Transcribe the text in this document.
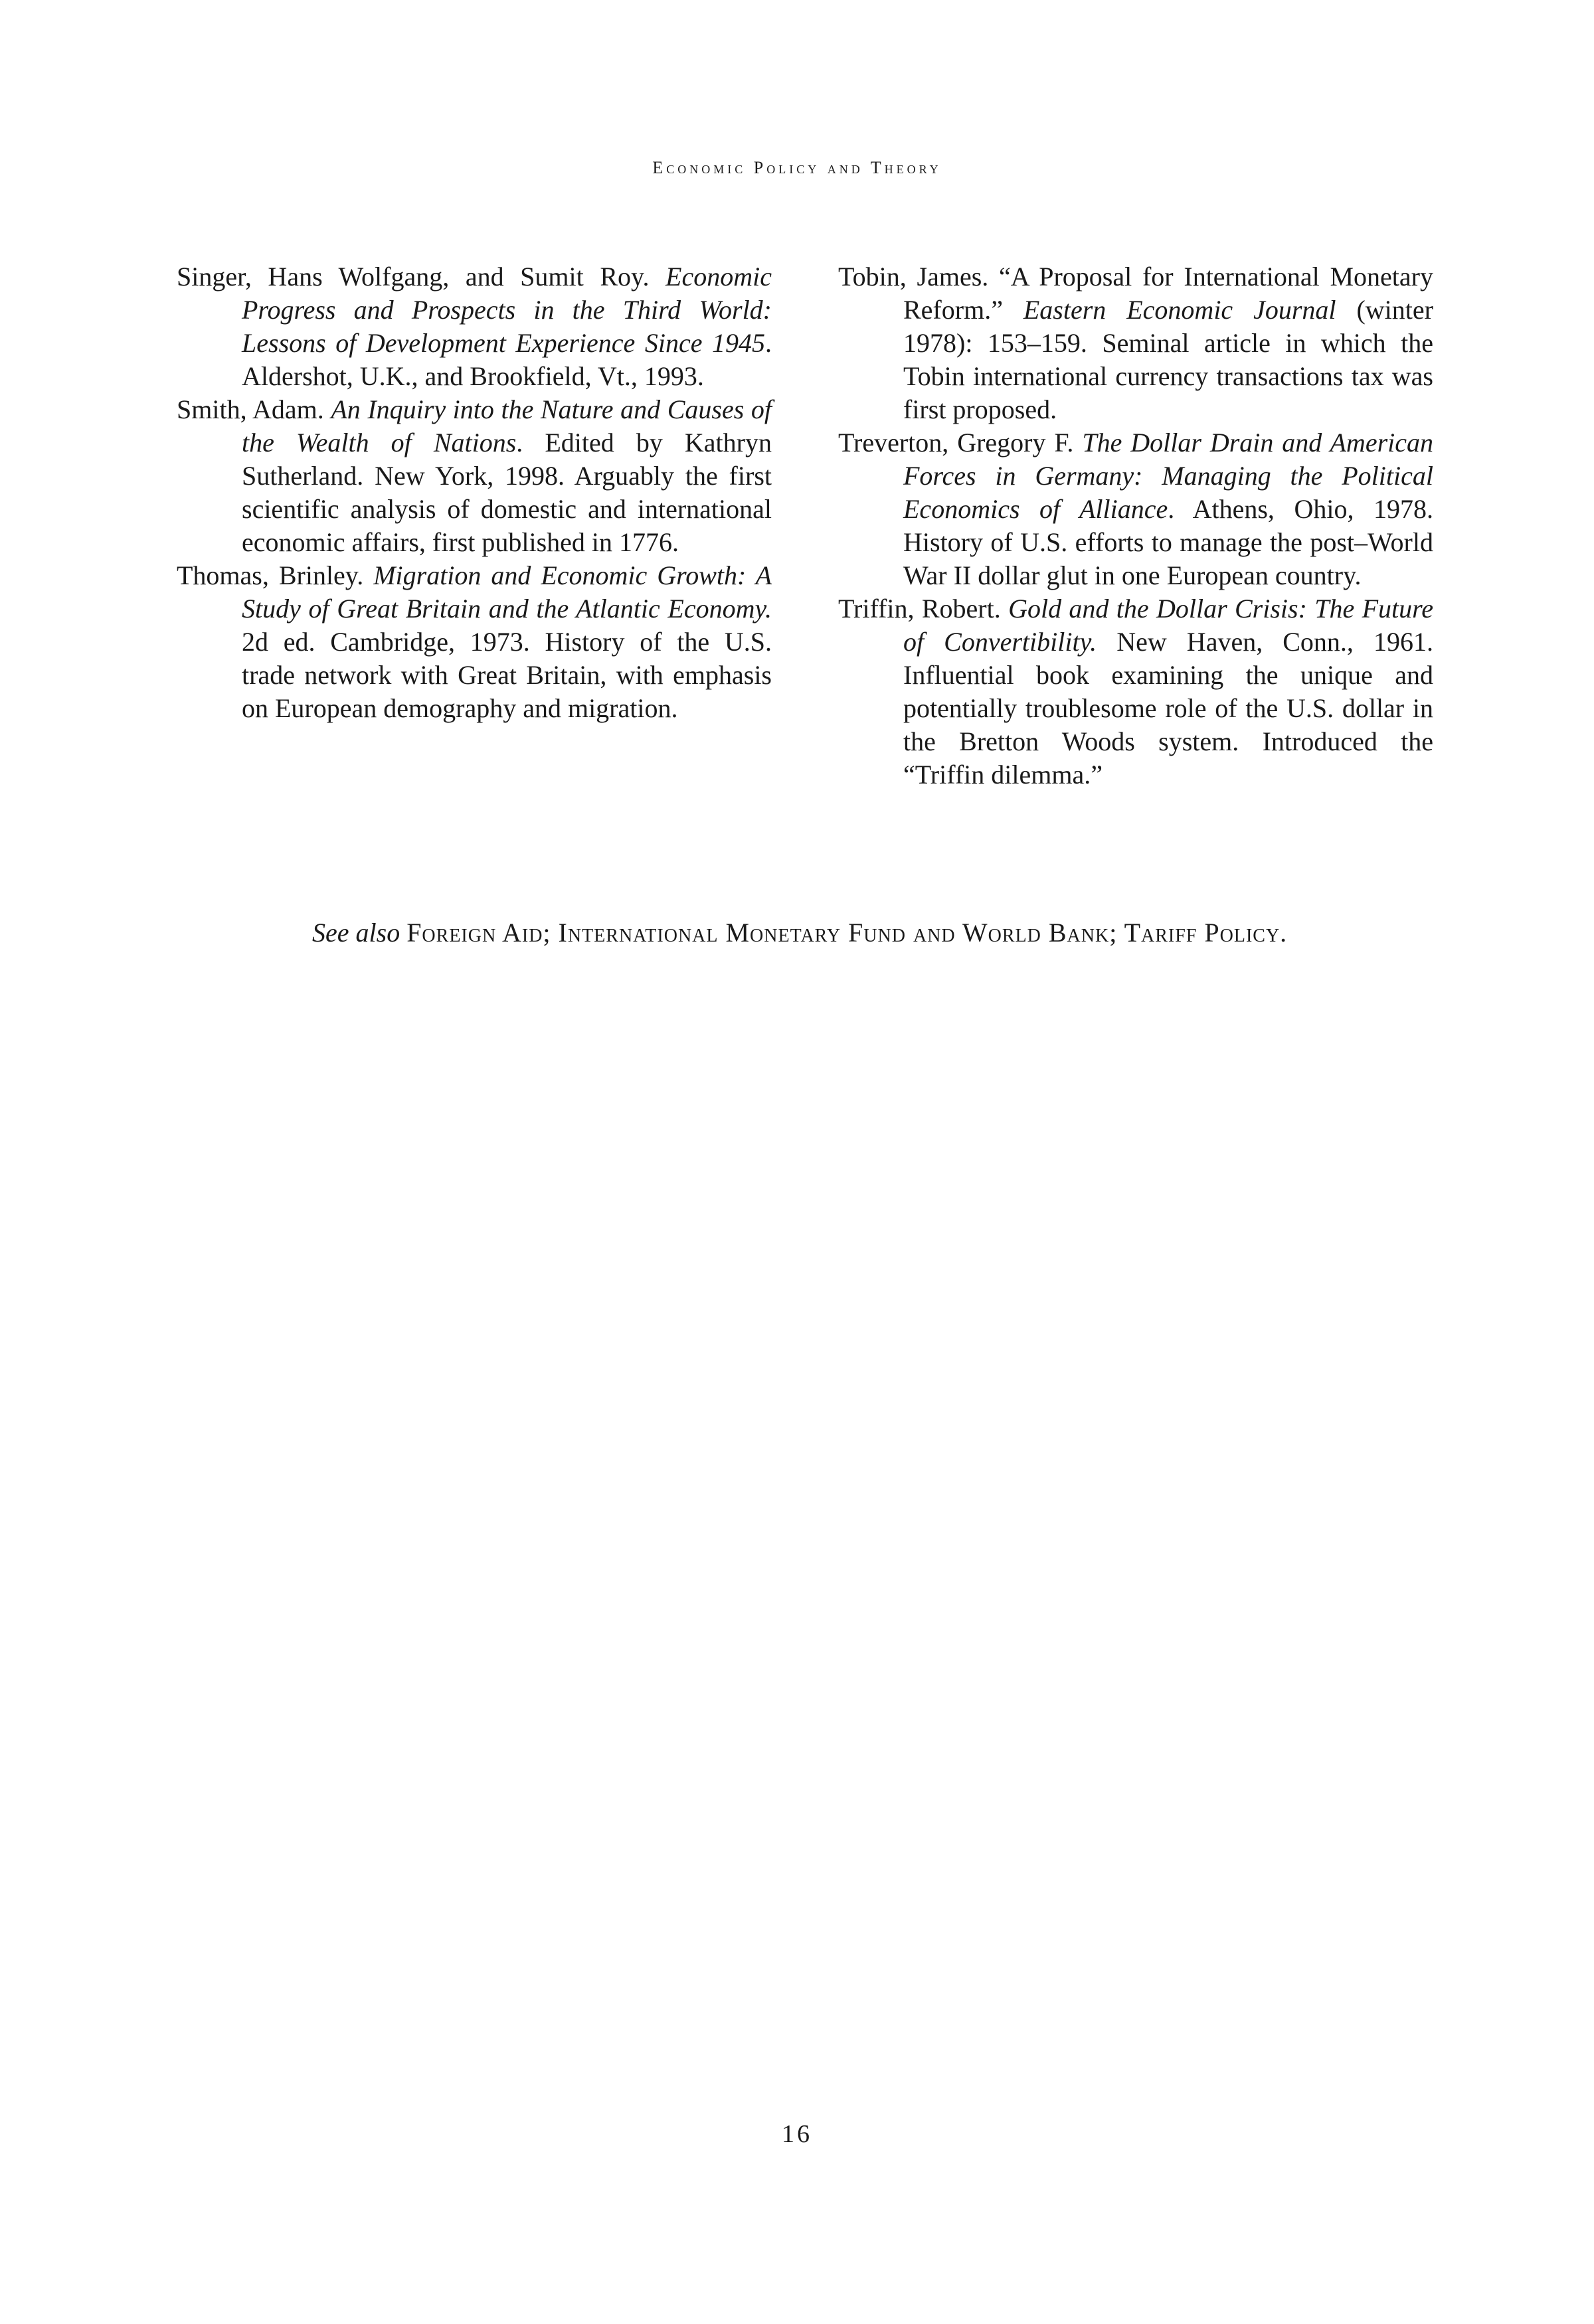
Economic Policy and Theory

Singer, Hans Wolfgang, and Sumit Roy. Economic Progress and Prospects in the Third World: Lessons of Development Experience Since 1945. Aldershot, U.K., and Brookfield, Vt., 1993.

Smith, Adam. An Inquiry into the Nature and Causes of the Wealth of Nations. Edited by Kathryn Sutherland. New York, 1998. Arguably the first scientific analysis of domestic and international economic affairs, first published in 1776.

Thomas, Brinley. Migration and Economic Growth: A Study of Great Britain and the Atlantic Economy. 2d ed. Cambridge, 1973. History of the U.S. trade network with Great Britain, with emphasis on European demography and migration.

Tobin, James. “A Proposal for International Monetary Reform.” Eastern Economic Journal (winter 1978): 153–159. Seminal article in which the Tobin international currency transactions tax was first proposed.

Treverton, Gregory F. The Dollar Drain and American Forces in Germany: Managing the Political Economics of Alliance. Athens, Ohio, 1978. History of U.S. efforts to manage the post–World War II dollar glut in one European country.

Triffin, Robert. Gold and the Dollar Crisis: The Future of Convertibility. New Haven, Conn., 1961. Influential book examining the unique and potentially troublesome role of the U.S. dollar in the Bretton Woods system. Introduced the “Triffin dilemma.”

See also Foreign Aid; International Monetary Fund and World Bank; Tariff Policy.

16
